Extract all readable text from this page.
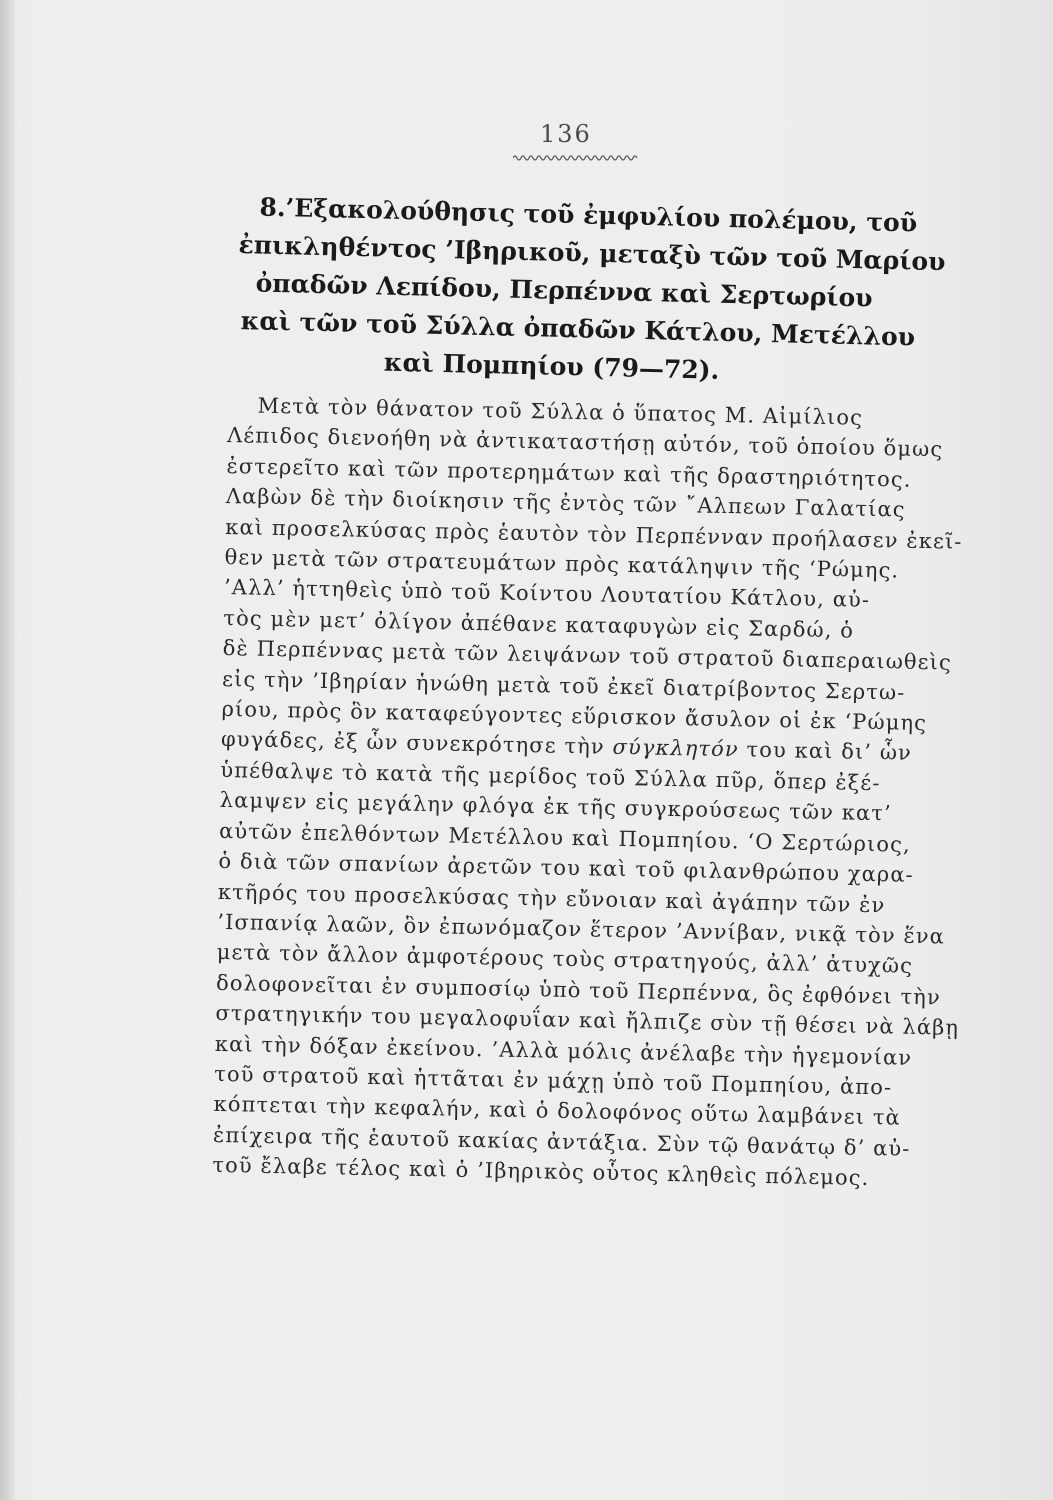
136
8.’Εξακολούθησις τοῦ ἐμφυλίου πολέμου, τοῦ
ἐπικληθέντος ’Ιβηρικοῦ, μεταξὺ τῶν τοῦ Μαρίου
ὀπαδῶν Λεπίδου, Περπέννα καὶ Σερτωρίου
καὶ τῶν τοῦ Σύλλα ὀπαδῶν Κάτλου, Μετέλλου
καὶ Πομπηίου (79—72).
Μετὰ τὸν θάνατον τοῦ Σύλλα ὁ ὕπατος Μ. Αἰμίλιος
Λέπιδος διενοήθη νὰ ἀντικαταστήσῃ αὐτόν, τοῦ ὁποίου ὅμως
ἐστερεῖτο καὶ τῶν προτερημάτων καὶ τῆς δραστηριότητος.
Λαβὼν δὲ τὴν διοίκησιν τῆς ἐντὸς τῶν ῎Αλπεων Γαλατίας
καὶ προσελκύσας πρὸς ἑαυτὸν τὸν Περπένναν προήλασεν ἐκεῖ-
θεν μετὰ τῶν στρατευμάτων πρὸς κατάληψιν τῆς ‘Ρώμης.
’Αλλ’ ἡττηθεὶς ὑπὸ τοῦ Κοίντου Λουτατίου Κάτλου, αὐ-
τὸς μὲν μετ’ ὀλίγον ἀπέθανε καταφυγὼν εἰς Σαρδώ, ὁ
δὲ Περπέννας μετὰ τῶν λειψάνων τοῦ στρατοῦ διαπεραιωθεὶς
εἰς τὴν ’Ιβηρίαν ἡνώθη μετὰ τοῦ ἐκεῖ διατρίβοντος Σερτω-
ρίου, πρὸς ὃν καταφεύγοντες εὕρισκον ἄσυλον οἱ ἐκ ‘Ρώμης
φυγάδες, ἐξ ὧν συνεκρότησε τὴν σύγκλητόν του καὶ δι’ ὧν
ὑπέθαλψε τὸ κατὰ τῆς μερίδος τοῦ Σύλλα πῦρ, ὅπερ ἐξέ-
λαμψεν εἰς μεγάλην φλόγα ἐκ τῆς συγκρούσεως τῶν κατ’
αὐτῶν ἐπελθόντων Μετέλλου καὶ Πομπηίου. ‘Ο Σερτώριος,
ὁ διὰ τῶν σπανίων ἀρετῶν του καὶ τοῦ φιλανθρώπου χαρα-
κτῆρός του προσελκύσας τὴν εὔνοιαν καὶ ἀγάπην τῶν ἐν
’Ισπανίᾳ λαῶν, ὃν ἐπωνόμαζον ἕτερον ’Αννίβαν, νικᾷ τὸν ἕνα
μετὰ τὸν ἄλλον ἀμφοτέρους τοὺς στρατηγούς, ἀλλ’ ἀτυχῶς
δολοφονεῖται ἐν συμποσίῳ ὑπὸ τοῦ Περπέννα, ὃς ἐφθόνει τὴν
στρατηγικήν του μεγαλοφυΐαν καὶ ἤλπιζε σὺν τῇ θέσει νὰ λάβῃ
καὶ τὴν δόξαν ἐκείνου. ’Αλλὰ μόλις ἀνέλαβε τὴν ἡγεμονίαν
τοῦ στρατοῦ καὶ ἡττᾶται ἐν μάχῃ ὑπὸ τοῦ Πομπηίου, ἀπο-
κόπτεται τὴν κεφαλήν, καὶ ὁ δολοφόνος οὕτω λαμβάνει τὰ
ἐπίχειρα τῆς ἑαυτοῦ κακίας ἀντάξια. Σὺν τῷ θανάτῳ δ’ αὐ-
τοῦ ἔλαβε τέλος καὶ ὁ ’Ιβηρικὸς οὗτος κληθεὶς πόλεμος.
